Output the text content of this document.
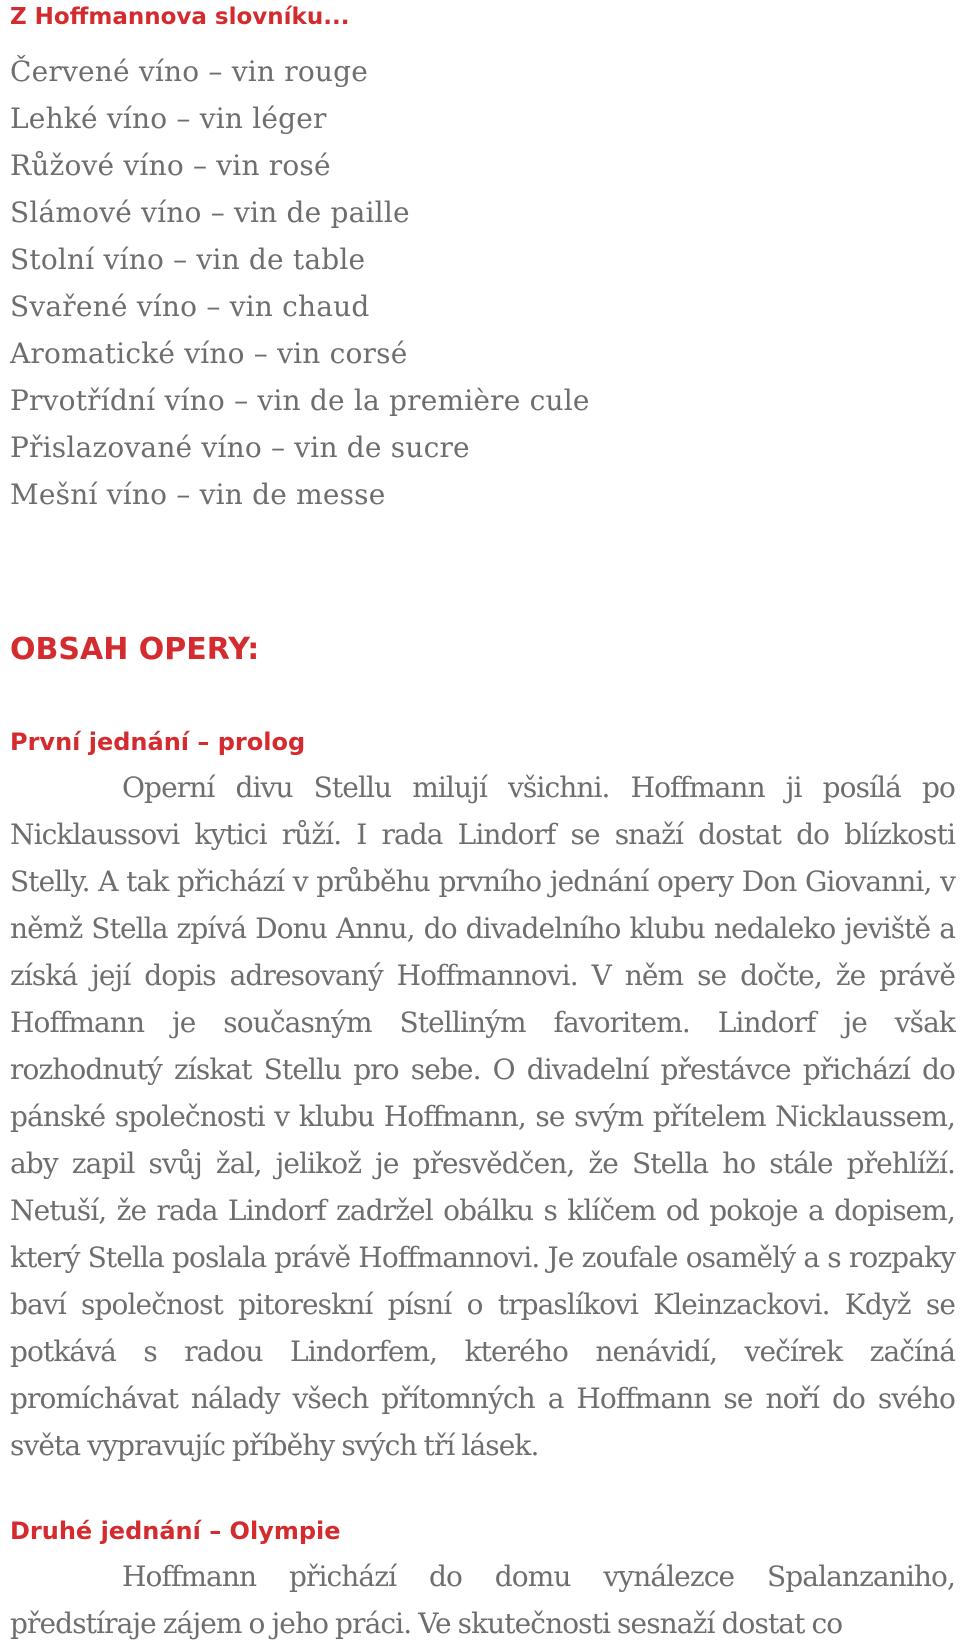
Z Hoffmannova slovníku...
Červené víno – vin rouge
Lehké víno – vin léger
Růžové víno – vin rosé
Slámové víno – vin de paille
Stolní víno – vin de table
Svařené víno – vin chaud
Aromatické víno – vin corsé
Prvotřídní víno – vin de la première cule
Přislazované víno – vin de sucre
Mešní víno – vin de messe
OBSAH OPERY:
První jednání – prolog

Operní divu Stellu milují všichni. Hoffmann ji posílá po Nicklaussovi kytici růží. I rada Lindorf se snaží dostat do blízkosti Stelly. A tak přichází v průběhu prvního jednání opery Don Giovanni, v němž Stella zpívá Donu Annu, do divadelního klubu nedaleko jeviště a získá její dopis adresovaný Hoffmannovi. V něm se dočte, že právě Hoffmann je současným Stelliným favoritem. Lindorf je však rozhodnutý získat Stellu pro sebe. O divadelní přestávce přichází do pánské společnosti v klubu Hoffmann, se svým přítelem Nicklaussem, aby zapil svůj žal, jelikož je přesvědčen, že Stella ho stále přehlíží. Netuší, že rada Lindorf zadržel obálku s klíčem od pokoje a dopisem, který Stella poslala právě Hoffmannovi. Je zoufale osamělý a s rozpaky baví společnost pitoreskní písní o trpaslíkovi Kleinzackovi. Když se potkává s radou Lindorfem, kterého nenávidí, večírek začíná promíchávat nálady všech přítomných a Hoffmann se noří do svého světa vypravujíc příběhy svých tří lásek.

Druhé jednání – Olympie

Hoffmann přichází do domu vynálezce Spalanzaniho, předstíraje zájem o jeho práci. Ve skutečnosti sesnaží dostat co
